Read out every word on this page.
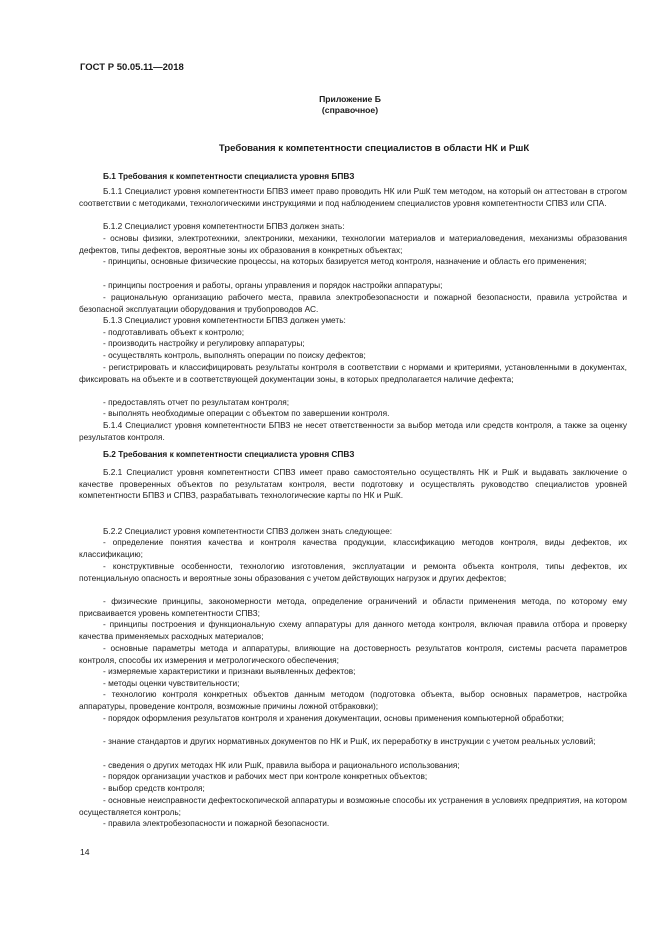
ГОСТ Р 50.05.11—2018
Приложение Б
(справочное)
Требования к компетентности специалистов в области НК и РшК
Б.1 Требования к компетентности специалиста уровня БПВЗ

Б.1.1 Специалист уровня компетентности БПВЗ имеет право проводить НК или РшК тем методом, на который он аттестован в строгом соответствии с методиками, технологическими инструкциями и под наблюдением специалистов уровня компетентности СПВЗ или СПА.

Б.1.2 Специалист уровня компетентности БПВЗ должен знать:

- основы физики, электротехники, электроники, механики, технологии материалов и материаловедения, механизмы образования дефектов, типы дефектов, вероятные зоны их образования в конкретных объектах;

- принципы, основные физические процессы, на которых базируется метод контроля, назначение и область его применения;

- принципы построения и работы, органы управления и порядок настройки аппаратуры;

- рациональную организацию рабочего места, правила электробезопасности и пожарной безопасности, правила устройства и безопасной эксплуатации оборудования и трубопроводов АС.

Б.1.3 Специалист уровня компетентности БПВЗ должен уметь:

- подготавливать объект к контролю;

- производить настройку и регулировку аппаратуры;

- осуществлять контроль, выполнять операции по поиску дефектов;

- регистрировать и классифицировать результаты контроля в соответствии с нормами и критериями, установленными в документах, фиксировать на объекте и в соответствующей документации зоны, в которых предполагается наличие дефекта;

- предоставлять отчет по результатам контроля;

- выполнять необходимые операции с объектом по завершении контроля.

Б.1.4 Специалист уровня компетентности БПВЗ не несет ответственности за выбор метода или средств контроля, а также за оценку результатов контроля.

Б.2 Требования к компетентности специалиста уровня СПВЗ

Б.2.1 Специалист уровня компетентности СПВЗ имеет право самостоятельно осуществлять НК и РшК и выдавать заключение о качестве проверенных объектов по результатам контроля, вести подготовку и осуществлять руководство специалистов уровней компетентности БПВЗ и СПВЗ, разрабатывать технологические карты по НК и РшК.

Б.2.2 Специалист уровня компетентности СПВЗ должен знать следующее:

- определение понятия качества и контроля качества продукции, классификацию методов контроля, виды дефектов, их классификацию;

- конструктивные особенности, технологию изготовления, эксплуатации и ремонта объекта контроля, типы дефектов, их потенциальную опасность и вероятные зоны образования с учетом действующих нагрузок и других дефектов;

- физические принципы, закономерности метода, определение ограничений и области применения метода, по которому ему присваивается уровень компетентности СПВЗ;

- принципы построения и функциональную схему аппаратуры для данного метода контроля, включая правила отбора и проверку качества применяемых расходных материалов;

- основные параметры метода и аппаратуры, влияющие на достоверность результатов контроля, системы расчета параметров контроля, способы их измерения и метрологического обеспечения;

- измеряемые характеристики и признаки выявленных дефектов;

- методы оценки чувствительности;

- технологию контроля конкретных объектов данным методом (подготовка объекта, выбор основных параметров, настройка аппаратуры, проведение контроля, возможные причины ложной отбраковки);

- порядок оформления результатов контроля и хранения документации, основы применения компьютерной обработки;

- знание стандартов и других нормативных документов по НК и РшК, их переработку в инструкции с учетом реальных условий;

- сведения о других методах НК или РшК, правила выбора и рационального использования;

- порядок организации участков и рабочих мест при контроле конкретных объектов;

- выбор средств контроля;

- основные неисправности дефектоскопической аппаратуры и возможные способы их устранения в условиях предприятия, на котором осуществляется контроль;

- правила электробезопасности и пожарной безопасности.

14
